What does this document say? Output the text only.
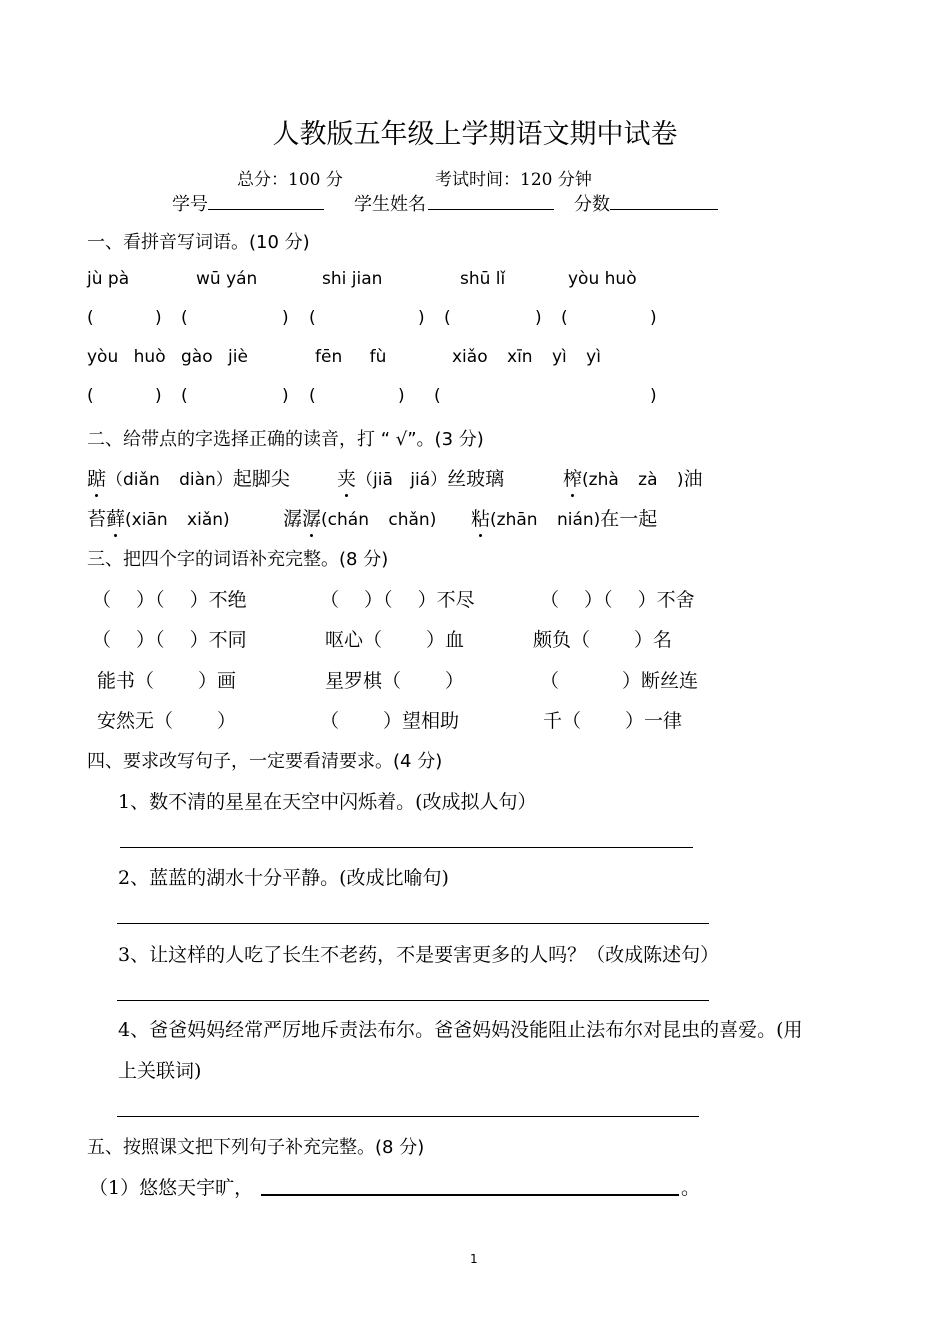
人教版五年级上学期语文期中试卷
总分：100 分	考试时间：120 分钟
学号	学生姓名	分数
一、看拼音写词语。(10 分)
jù pà	wū yán	shi jian	shū lǐ	yòu huò
(	) (	) (	) (	) (	)
yòu huò gào jiè	fēn fù	xiǎo xīn yì yì
(	) (	) (	) (	)
二、给带点的字选择正确的读音，打 “ √”。(3 分)
踮（diǎn diàn）起脚尖 夹（jiā jiá）丝玻璃	榨(zhà zà )油
苔藓(xiān xiǎn)	潺潺(chán chǎn) 粘(zhān nián)在一起
三、把四个字的词语补充完整。(8 分)
（　 ）（　 ）不绝	（　 ）（　 ）不尽	（　 ）（　 ）不舍
（　 ）（　 ）不同	呕心（　　 ）血	颇负（　　 ）名
能书（　　 ）画	星罗棋（　　 ）	（　　　 ）断丝连
安然无（　　 ）	（　　 ）望相助	千（　　 ）一律
四、要求改写句子，一定要看清要求。(4 分)
1、数不清的星星在天空中闪烁着。(改成拟人句）
2、蓝蓝的湖水十分平静。(改成比喻句)
3、让这样的人吃了长生不老药，不是要害更多的人吗？（改成陈述句）
4、爸爸妈妈经常严厉地斥责法布尔。爸爸妈妈没能阻止法布尔对昆虫的喜爱。(用
上关联词)
五、按照课文把下列句子补充完整。(8 分)
（1）悠悠天宇旷，	。
1
